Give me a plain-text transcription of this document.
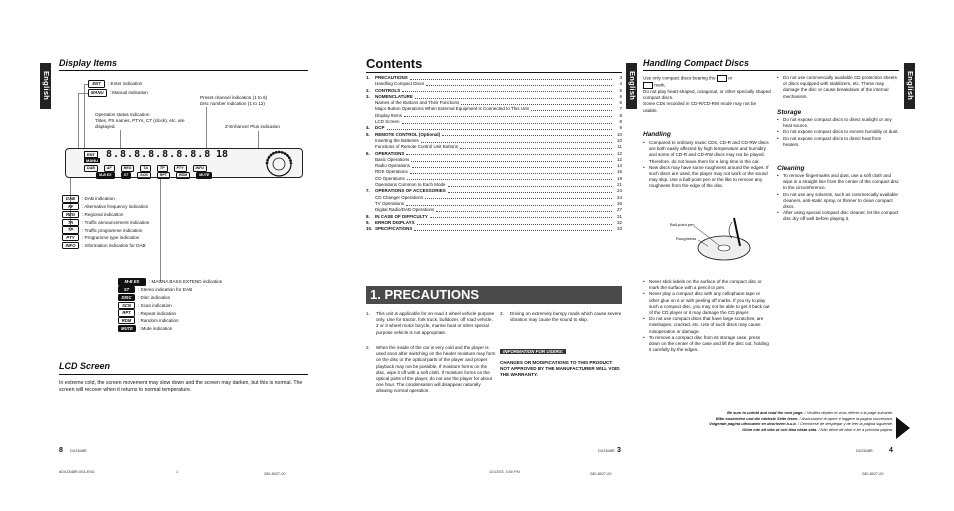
English
Display Items
ENT	: Enter indication
MANU	: Manual indication
Operation status indication
Titles, PS names, PTYs, CT (clock), etc. are displayed.
Preset channel indication (1 to 6)
Disc number indication (1 to 12)
Z-Enhancer Plus indication
ENT
MANU
8.8.8.8.8.8.8.8 18
DAB	AF	REG	TA	TP	PTY	INFO
M-B EX	ST	SCN	RPT	RDM	MUTE
DAB	: DAB indication
AF	: Alternative frequency indication
REG	: Regional indication
TA	: Traffic announcement indication
TP	: Traffic programme indication
PTY	: Programme type indication
INFO	: Information indication for DAB
M-B EX	: MAGNA BASS EXTEND indication
ST	: Stereo indication for DAB
DISC	: Disc indication
SCN	: Scan indication
RPT	: Repeat indication
RDM	: Random indication
MUTE	: Mute indication
LCD Screen
In extreme cold, the screen movement may slow down and the screen may darken, but this is normal. The screen will recover when it returns to normal temperature.
8 DXZ648R
dDXZ648R-003-ENG	1	280-8027-00
Contents
1.	PRECAUTIONS	3
Handling Compact Discs	4
2.	CONTROLS	5
3.	NOMENCLATURE	6
Names of the Buttons and Their Functions	6
Major Button Operations When External Equipment is Connected to This Unit	7
Display Items	8
LCD Screen	8
4.	DCP	9
5.	REMOTE CONTROL (Optional)	10
Inserting the Batteries	10
Functions of Remote Control Unit Buttons	11
6.	OPERATIONS	12
Basic Operations	12
Radio Operations	14
RDS Operations	16
CD Operations	19
Operations Common to Each Mode	21
7.	OPERATIONS OF ACCESSORIES	24
CD Changer Operations	24
TV Operations	26
Digital Radio/DAB Operations	27
8.	IN CASE OF DIFFICULTY	31
9.	ERROR DISPLAYS	32
10. SPECIFICATIONS	33
1. PRECAUTIONS
1.	This unit is applicable for on-road 4 wheel vehicle purpose only. Use for tractor, fork truck, bulldozer, off road vehicle, 2 or 3 wheel motor bicycle, marine boat or other special purpose vehicle is not appropriate.
2.	When the inside of the car is very cold and the player is used soon after switching on the heater moisture may form on the disc or the optical parts of the player and proper playback may not be possible. If moisture forms on the disc, wipe it off with a soft cloth. If moisture forms on the optical parts of the player, do not use the player for about one hour. The condensation will disappear naturally allowing normal operation.
3.	Driving on extremely bumpy roads which cause severe vibration may cause the sound to skip.
INFORMATION FOR USERS:
CHANGES OR MODIFICATIONS TO THIS PRODUCT NOT APPROVED BY THE MANUFACTURER WILL VOID THE WARRANTY.
3
DXZ648R
11/12/03, 3:50 PM	280-8027-00
English	English
Handling Compact Discs
Use only compact discs bearing the	or
mark.
Do not play heart-shaped, octagonal, or other specially shaped compact discs.
Some CDs recorded in CD-R/CD-RW mode may not be usable.
Handling
• Compared to ordinary music CDs, CD-R and CD-RW discs are both easily affected by high temperature and humidity and some of CD-R and CD-RW discs may not be played. Therefore, do not leave them for a long time in the car.
• New discs may have some roughness around the edges. If such discs are used, the player may not work or the sound may skip. Use a ball-point pen or the like to remove any roughness from the edge of the disc.
Ball-point pen
Roughness
• Never stick labels on the surface of the compact disc or mark the surface with a pencil or pen.
• Never play a compact disc with any cellophane tape or other glue on it or with peeling off marks. If you try to play such a compact disc, you may not be able to get it back out of the CD player or it may damage the CD player.
• Do not use compact discs that have large scratches, are misshapen, cracked, etc. Use of such discs may cause misoperation or damage.
• To remove a compact disc from its storage case, press down on the center of the case and lift the disc out, holding it carefully by the edges.
• Do not use commercially available CD protection sheets or discs equipped with stabilizers, etc. These may damage the disc or cause breakdown of the internal mechanism.
Storage
• Do not expose compact discs to direct sunlight or any heat source.
• Do not expose compact discs to excess humidity or dust.
• Do not expose compact discs to direct heat from heaters.
Cleaning
• To remove fingermarks and dust, use a soft cloth and wipe in a straight line from the center of the compact disc to the circumference.
• Do not use any solvents, such as commercially available cleaners, anti-static spray, or thinner to clean compact discs.
• After using special compact disc cleaner, let the compact disc dry off well before playing it.
Be sure to unfold and read the next page. / Veuillez déplier et vous référer à la page suivante.
Bitte ausbreiten und die nächste Seite lesen. / Assicuratevi di aprire e leggere la pagina successiva.
Volgende pagina uitvouwen en doorlezen a.u.b. / Cerciórese de desplegar y de leer la página siguiente.
Glöm inte att vika ut och läsa nästa sida. / Não deixe de abrir e ler a próxima página.
4
DXZ648R
280-8027-00
